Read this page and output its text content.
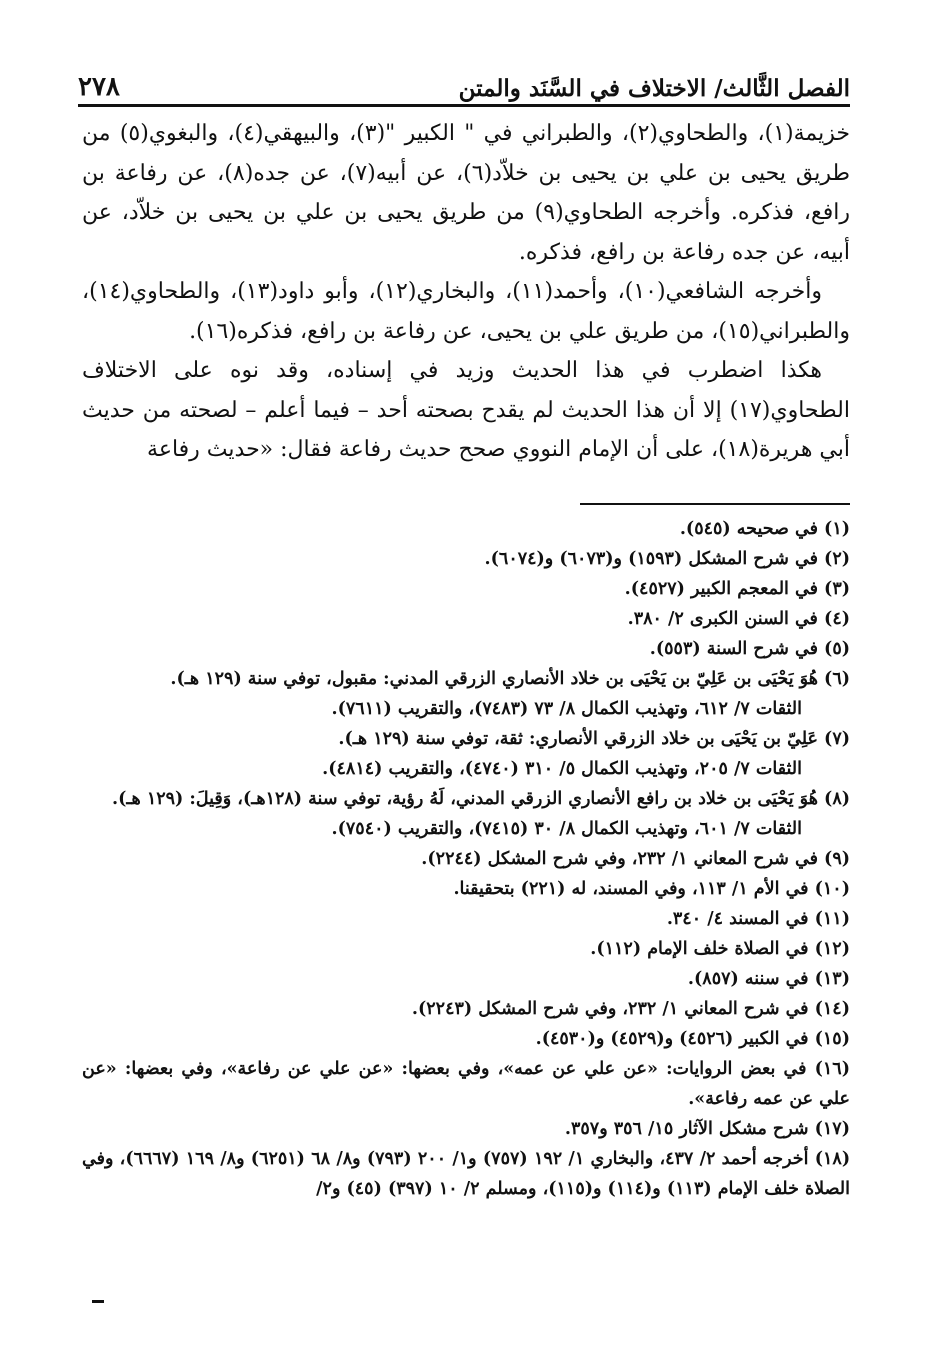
الفصل الثَّالث/ الاختلاف في السَّنَد والمتن
٢٧٨

خزيمة(١)، والطحاوي(٢)، والطبراني في " الكبير "(٣)، والبيهقي(٤)، والبغوي(٥) من طريق يحيى بن علي بن يحيى بن خلاّد(٦)، عن أبيه(٧)، عن جده(٨)، عن رفاعة بن رافع، فذكره. وأخرجه الطحاوي(٩) من طريق يحيى بن علي بن يحيى بن خلاّد، عن أبيه، عن جده رفاعة بن رافع، فذكره.

وأخرجه الشافعي(١٠)، وأحمد(١١)، والبخاري(١٢)، وأبو داود(١٣)، والطحاوي(١٤)، والطبراني(١٥)، من طريق علي بن يحيى، عن رفاعة بن رافع، فذكره(١٦).

هكذا اضطرب في هذا الحديث وزيد في إسناده، وقد نوه على الاختلاف الطحاوي(١٧) إلا أن هذا الحديث لم يقدح بصحته أحد – فيما أعلم – لصحته من حديث أبي هريرة(١٨)، على أن الإمام النووي صحح حديث رفاعة فقال: «حديث رفاعة

(١) في صحيحه (٥٤٥).

(٢) في شرح المشكل (١٥٩٣) و(٦٠٧٣) و(٦٠٧٤).

(٣) في المعجم الكبير (٤٥٢٧).

(٤) في السنن الكبرى ٢/ ٣٨٠.

(٥) في شرح السنة (٥٥٣).

(٦) هُوَ يَحْيَى بن عَلِيّ بن يَحْيَى بن خلاد الأنصاري الزرقي المدني: مقبول، توفي سنة (١٢٩ هـ).
الثقات ٧/ ٦١٢، وتهذيب الكمال ٨/ ٧٣ (٧٤٨٣)، والتقريب (٧٦١١).

(٧) عَلِيّ بن يَحْيَى بن خلاد الزرقي الأنصاري: ثقة، توفي سنة (١٢٩ هـ).
الثقات ٧/ ٢٠٥، وتهذيب الكمال ٥/ ٣١٠ (٤٧٤٠)، والتقريب (٤٨١٤).

(٨) هُوَ يَحْيَى بن خلاد بن رافع الأنصاري الزرقي المدني، لَهُ رؤية، توفي سنة (١٢٨هـ)، وَقِيلَ: (١٢٩ هـ).
الثقات ٧/ ٦٠١، وتهذيب الكمال ٨/ ٣٠ (٧٤١٥)، والتقريب (٧٥٤٠).

(٩) في شرح المعاني ١/ ٢٣٢، وفي شرح المشكل (٢٢٤٤).

(١٠) في الأم ١/ ١١٣، وفي المسند، له (٢٢١) بتحقيقنا.

(١١) في المسند ٤/ ٣٤٠.

(١٢) في الصلاة خلف الإمام (١١٢).

(١٣) في سننه (٨٥٧).

(١٤) في شرح المعاني ١/ ٢٣٢، وفي شرح المشكل (٢٢٤٣).

(١٥) في الكبير (٤٥٢٦) و(٤٥٢٩) و(٤٥٣٠).

(١٦) في بعض الروايات: «عن علي عن عمه»، وفي بعضها: «عن علي عن رفاعة»، وفي بعضها: «عن علي عن عمه رفاعة».

(١٧) شرح مشكل الآثار ١٥/ ٣٥٦ و٣٥٧.

(١٨) أخرجه أحمد ٢/ ٤٣٧، والبخاري ١/ ١٩٢ (٧٥٧) و١/ ٢٠٠ (٧٩٣) و٨/ ٦٨ (٦٢٥١) و٨/ ١٦٩ (٦٦٦٧)، وفي الصلاة خلف الإمام (١١٣) و(١١٤) و(١١٥)، ومسلم ٢/ ١٠ (٣٩٧) (٤٥) و٢/
